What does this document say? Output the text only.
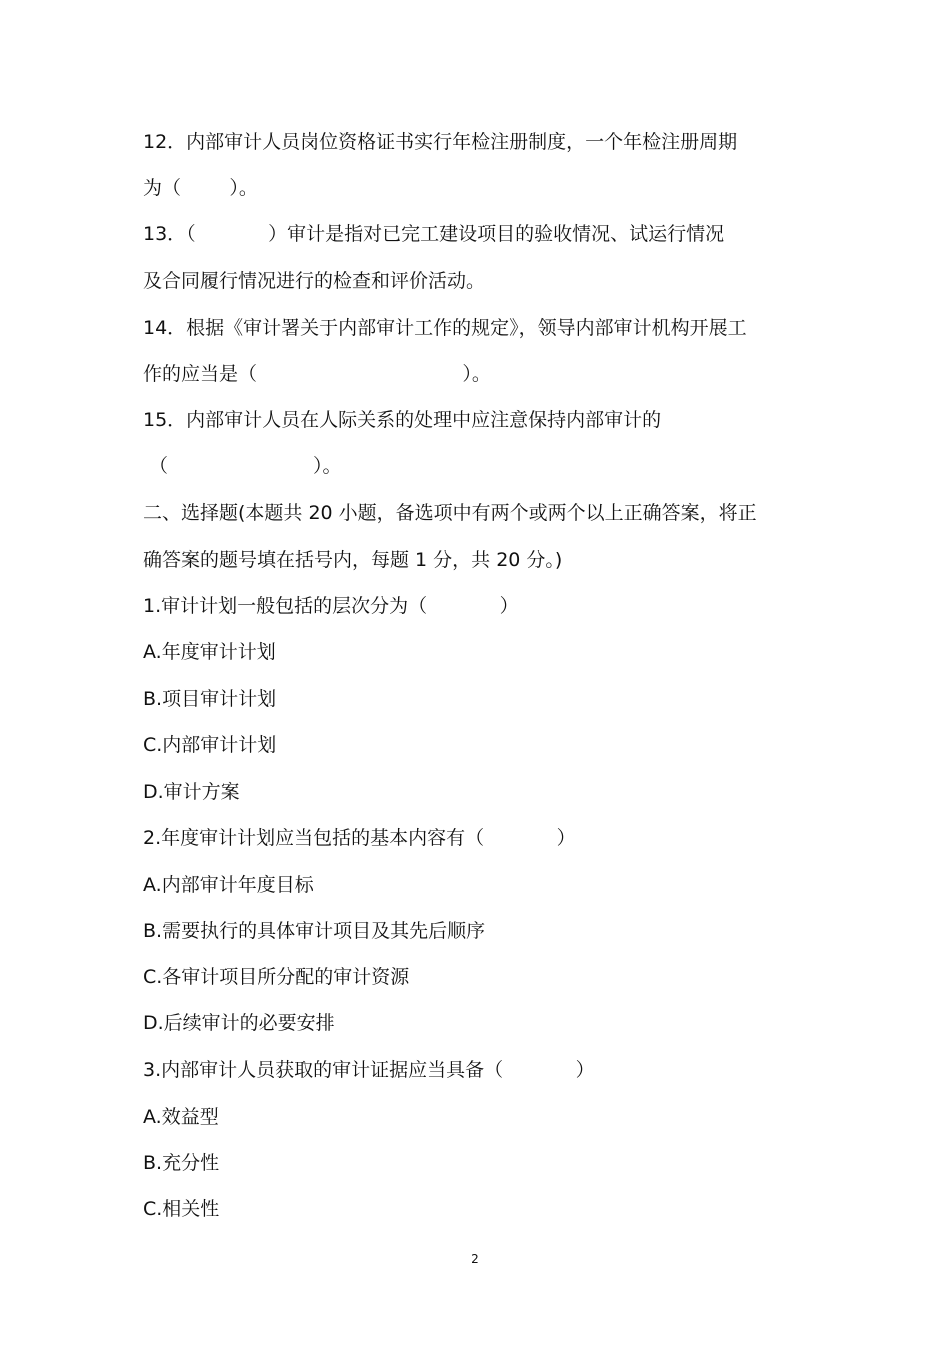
12．内部审计人员岗位资格证书实行年检注册制度，一个年检注册周期
为（        ）。
13．（            ）审计是指对已完工建设项目的验收情况、试运行情况
及合同履行情况进行的检查和评价活动。
14．根据《审计署关于内部审计工作的规定》，领导内部审计机构开展工
作的应当是（                                  ）。
15．内部审计人员在人际关系的处理中应注意保持内部审计的
（                        ）。
二、选择题(本题共 20 小题，备选项中有两个或两个以上正确答案，将正
确答案的题号填在括号内，每题 1 分，共 20 分。)
1.审计计划一般包括的层次分为（            ）
A.年度审计计划
B.项目审计计划
C.内部审计计划
D.审计方案
2.年度审计计划应当包括的基本内容有（            ）
A.内部审计年度目标
B.需要执行的具体审计项目及其先后顺序
C.各审计项目所分配的审计资源
D.后续审计的必要安排
3.内部审计人员获取的审计证据应当具备（            ）
A.效益型
B.充分性
C.相关性
2
